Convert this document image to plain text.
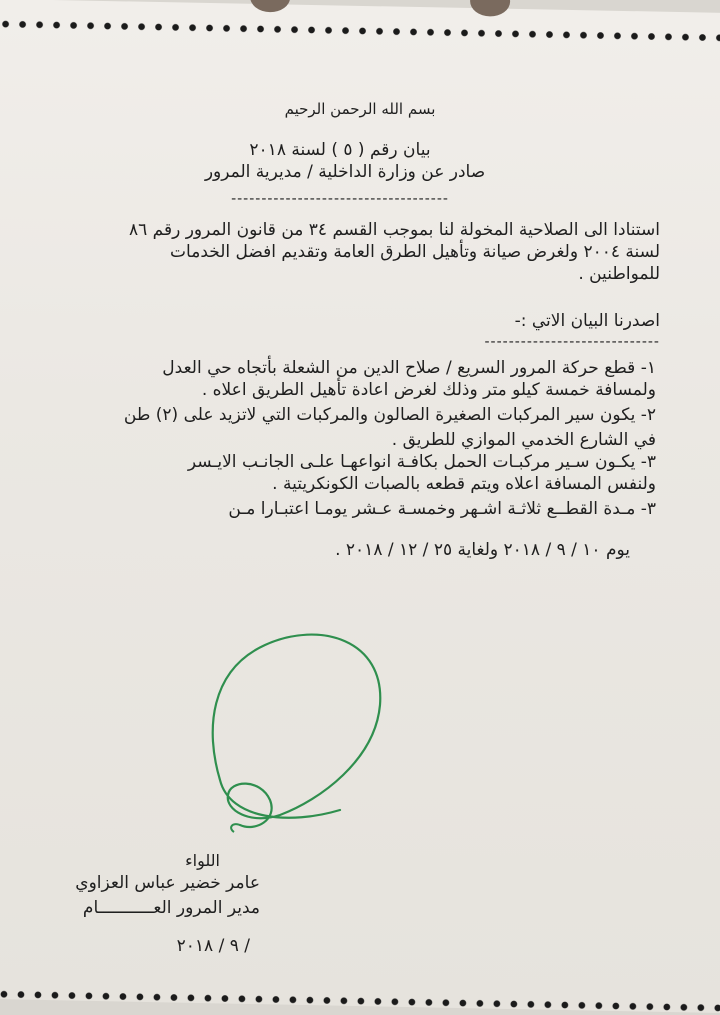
بسم الله الرحمن الرحيم
بيان رقم ( ٥ ) لسنة ٢٠١٨
صادر عن وزارة الداخلية / مديرية المرور
------------------------------------
استنادا الى الصلاحية المخولة لنا بموجب القسم ٣٤ من قانون المرور رقم ٨٦
لسنة ٢٠٠٤ ولغرض صيانة وتأهيل الطرق العامة وتقديم افضل الخدمات
للمواطنين .
اصدرنا البيان الاتي :-
-----------------------------
١- قطع حركة المرور السريع / صلاح الدين من الشعلة بأتجاه حي العدل
ولمسافة خمسة كيلو متر وذلك لغرض اعادة تأهيل الطريق اعلاه .
٢- يكون سير المركبات الصغيرة الصالون والمركبات التي لاتزيد على (٢) طن
في الشارع الخدمي الموازي للطريق .
٣- يكـون سـير مركبـات الحمل بكافـة انواعهـا علـى الجانـب الايـسر
ولنفس المسافة اعلاه ويتم قطعه بالصبات الكونكريتية .
٣- مـدة القطــع ثلاثـة اشـهر وخمسـة عـشر يومـا اعتبـارا مـن
يوم ١٠ / ٩ / ٢٠١٨ ولغاية ٢٥ / ١٢ / ٢٠١٨ .
اللواء
عامر خضير عباس العزاوي
مدير المرور العـــــــــــام
/ ٩ / ٢٠١٨
